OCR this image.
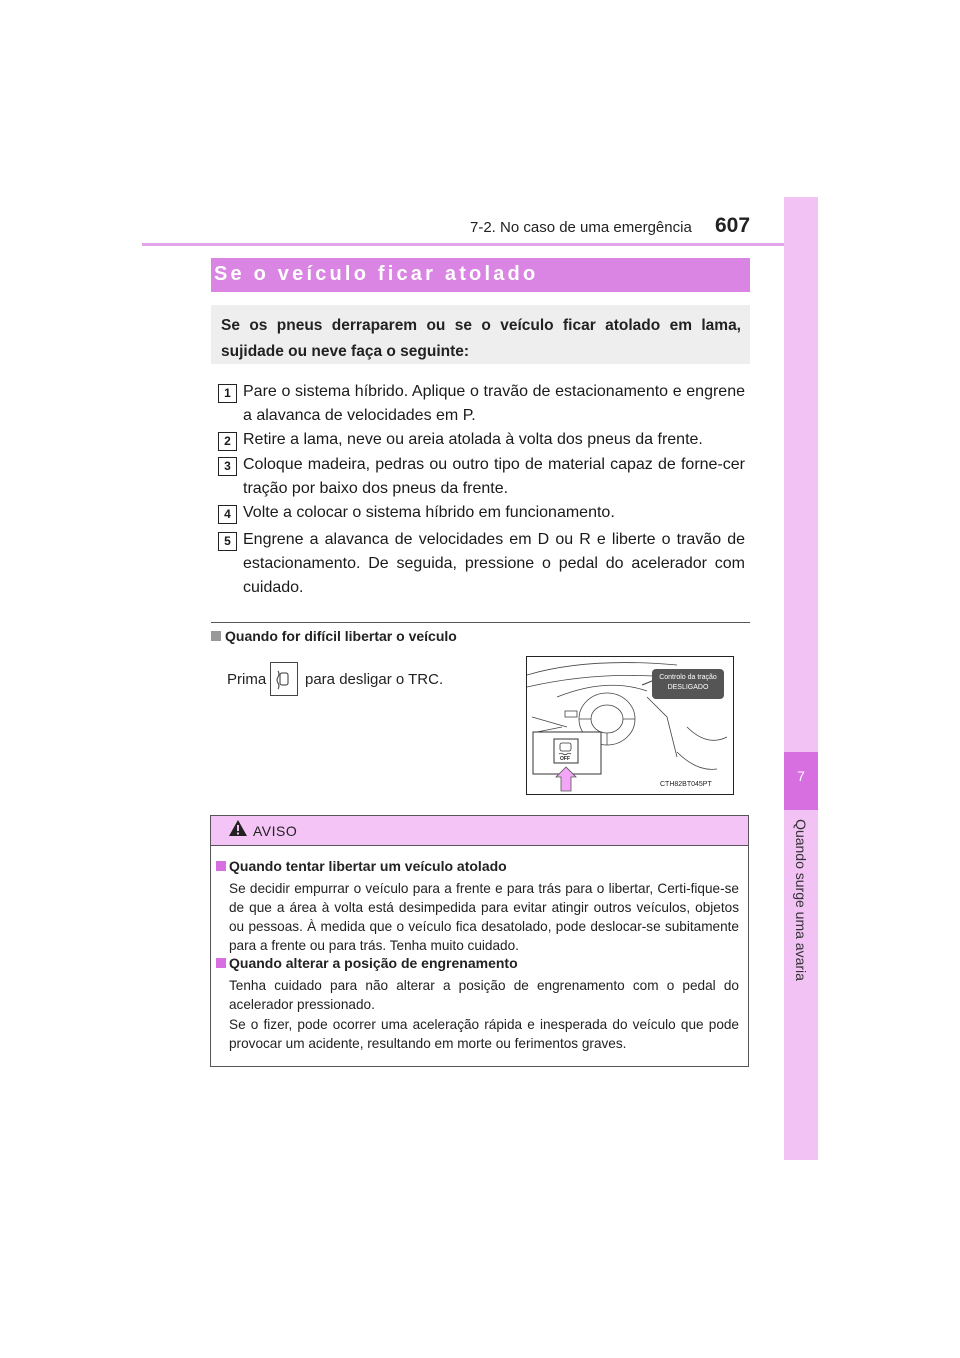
7-2. No caso de uma emergência 607
7
Quando surge uma avaria
Se o veículo ficar atolado
Se os pneus derraparem ou se o veículo ficar atolado em lama, sujidade ou neve faça o seguinte:
1 Pare o sistema híbrido. Aplique o travão de estacionamento e engrene a alavanca de velocidades em P.
2 Retire a lama, neve ou areia atolada à volta dos pneus da frente.
3 Coloque madeira, pedras ou outro tipo de material capaz de forne-cer tração por baixo dos pneus da frente.
4 Volte a colocar o sistema híbrido em funcionamento.
5 Engrene a alavanca de velocidades em D ou R e liberte o travão de estacionamento. De seguida, pressione o pedal do acelerador com cuidado.
Quando for difícil libertar o veículo
Prima	para desligar o TRC.
OFF
Controlo da tração
DESLIGADO
CTH82BT045PT
AVISO
Quando tentar libertar um veículo atolado
Se decidir empurrar o veículo para a frente e para trás para o libertar, Certi-fique-se de que a área à volta está desimpedida para evitar atingir outros veículos, objetos ou pessoas. À medida que o veículo fica desatolado, pode deslocar-se subitamente para a frente ou para trás. Tenha muito cuidado.
Quando alterar a posição de engrenamento
Tenha cuidado para não alterar a posição de engrenamento com o pedal do acelerador pressionado.
Se o fizer, pode ocorrer uma aceleração rápida e inesperada do veículo que pode provocar um acidente, resultando em morte ou ferimentos graves.
